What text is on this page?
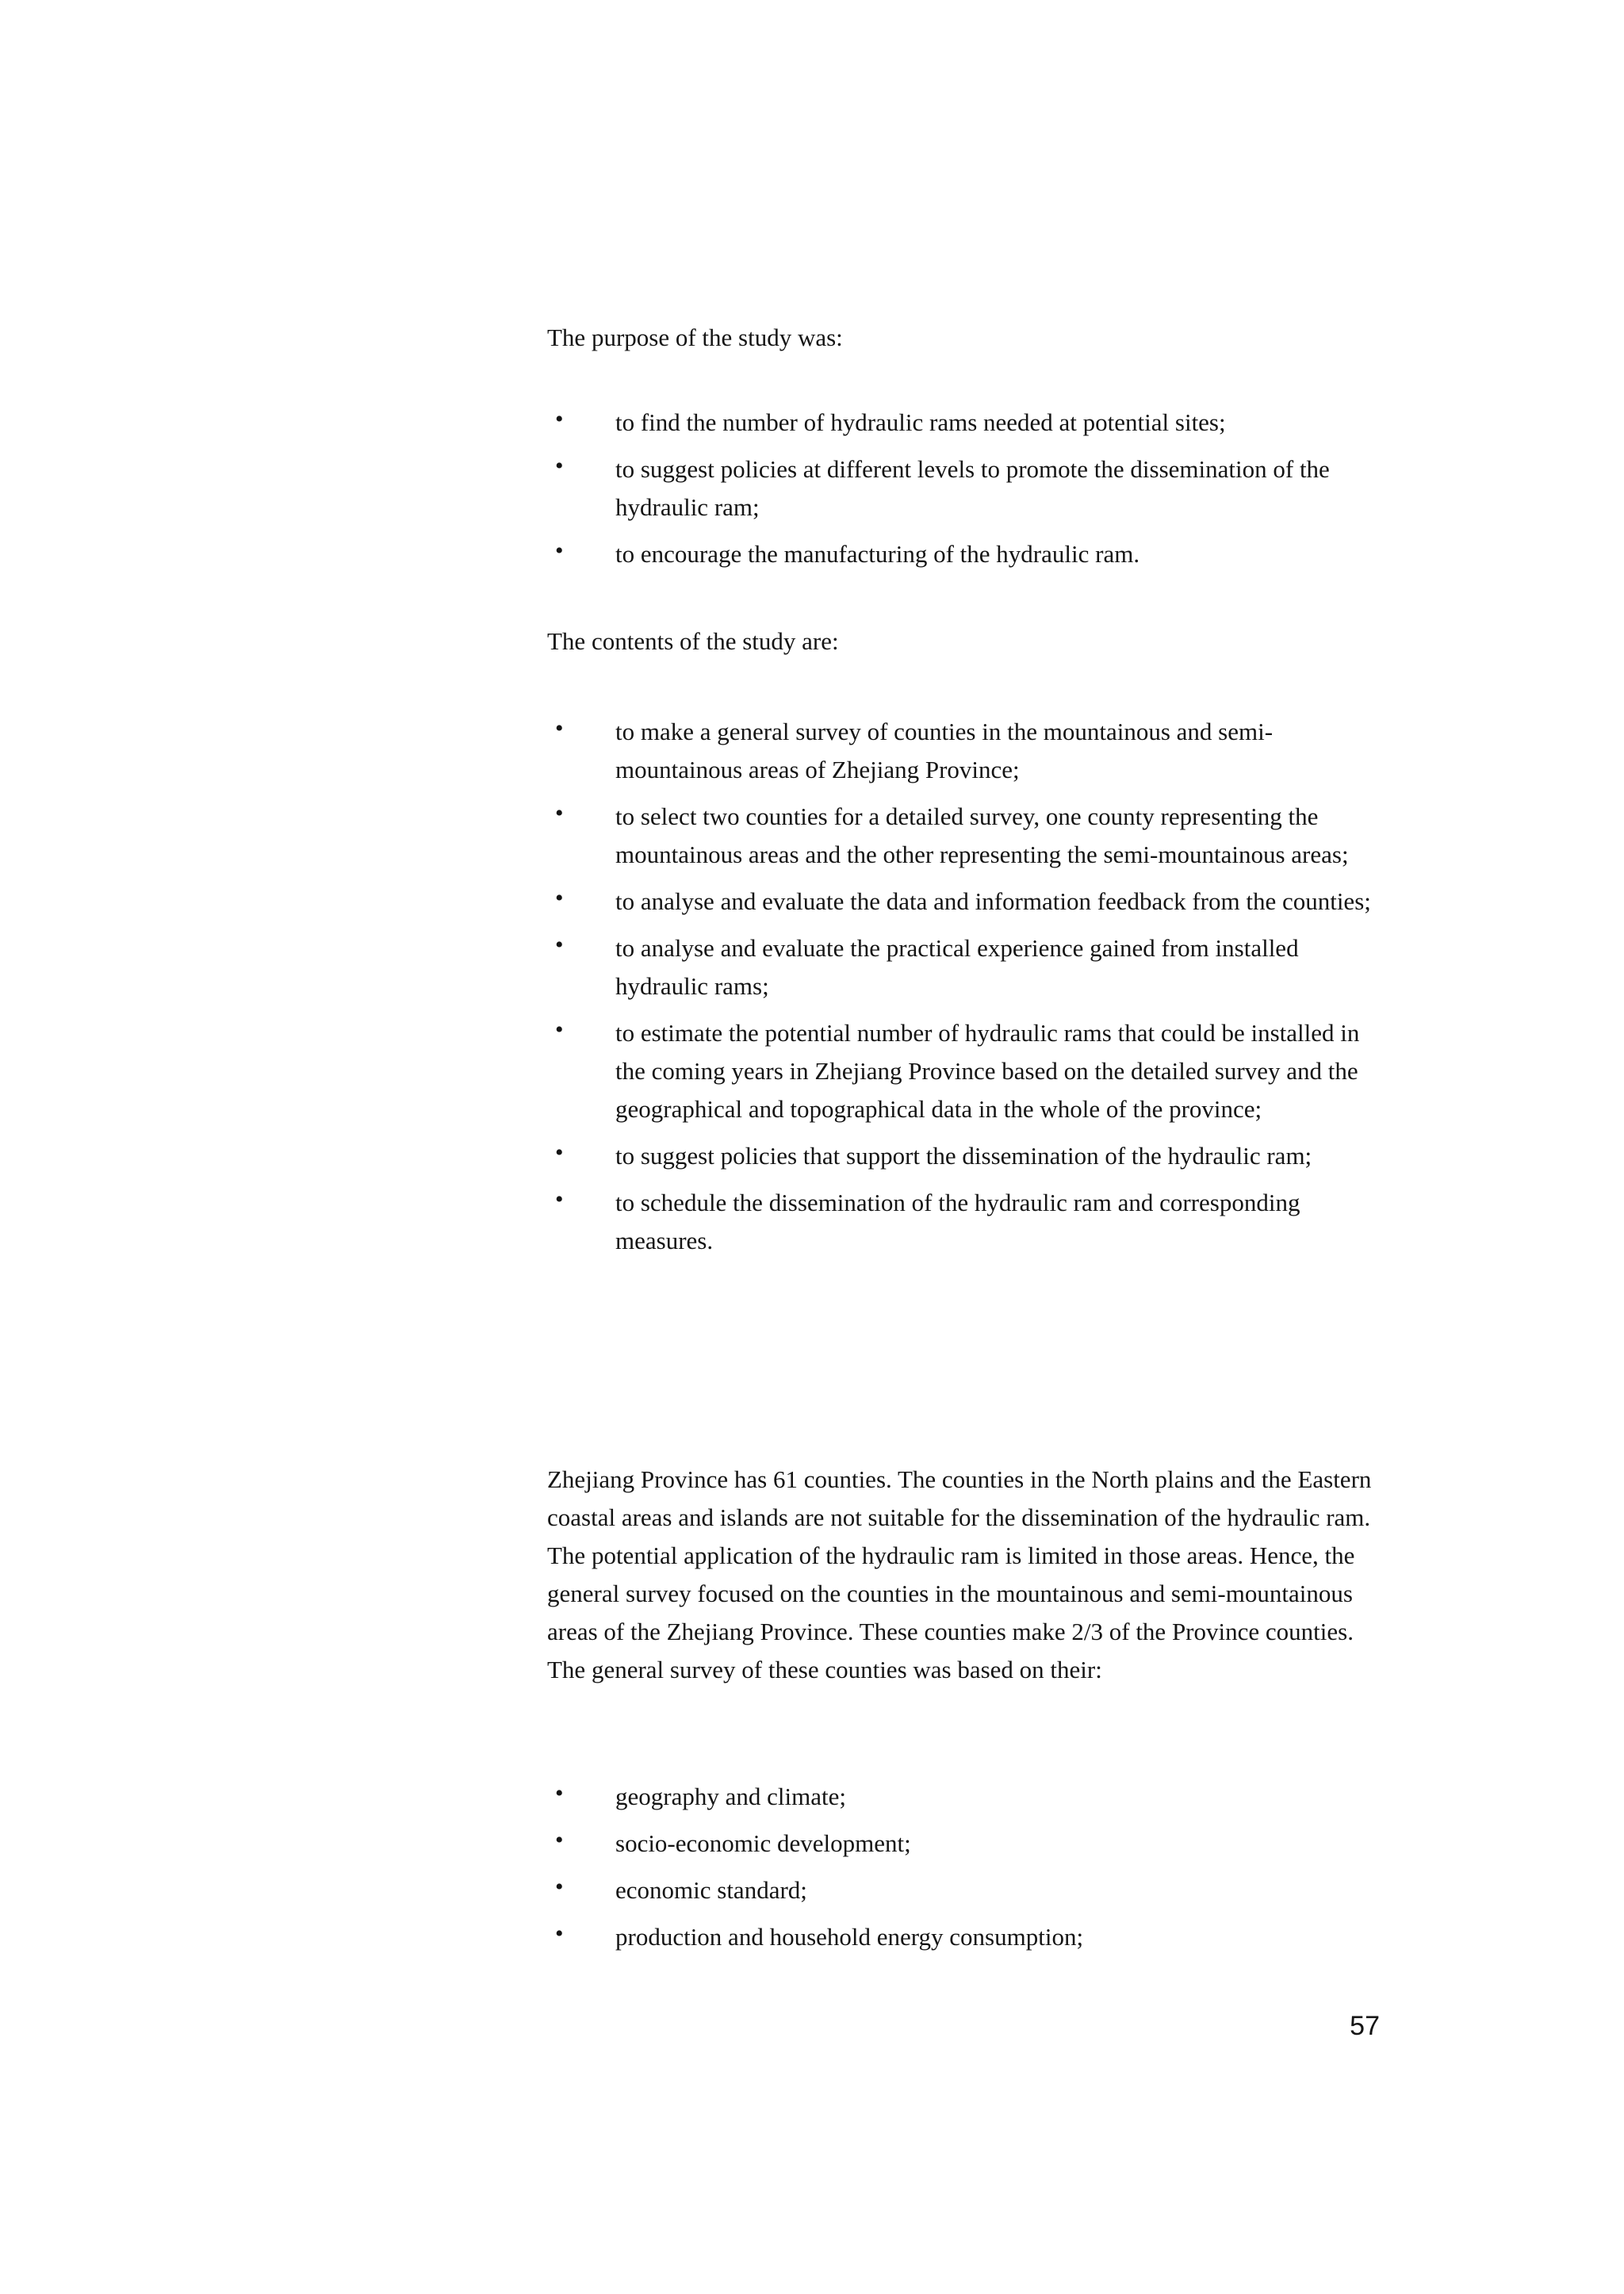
The purpose of the study was:

• to find the number of hydraulic rams needed at potential sites;
• to suggest policies at different levels to promote the dissemination of the hydraulic ram;
• to encourage the manufacturing of the hydraulic ram.

The contents of the study are:

• to make a general survey of counties in the mountainous and semi-mountainous areas of Zhejiang Province;
• to select two counties for a detailed survey, one county representing the mountainous areas and the other representing the semi-mountainous areas;
• to analyse and evaluate the data and information feedback from the counties;
• to analyse and evaluate the practical experience gained from installed hydraulic rams;
• to estimate the potential number of hydraulic rams that could be installed in the coming years in Zhejiang Province based on the detailed survey and the geographical and topographical data in the whole of the province;
• to suggest policies that support the dissemination of the hydraulic ram;
• to schedule the dissemination of the hydraulic ram and corresponding measures.

Zhejiang Province has 61 counties. The counties in the North plains and the Eastern coastal areas and islands are not suitable for the dissemination of the hydraulic ram. The potential application of the hydraulic ram is limited in those areas. Hence, the general survey focused on the counties in the mountainous and semi-mountainous areas of the Zhejiang Province. These counties make 2/3 of the Province counties. The general survey of these counties was based on their:

• geography and climate;
• socio-economic development;
• economic standard;
• production and household energy consumption;
57
